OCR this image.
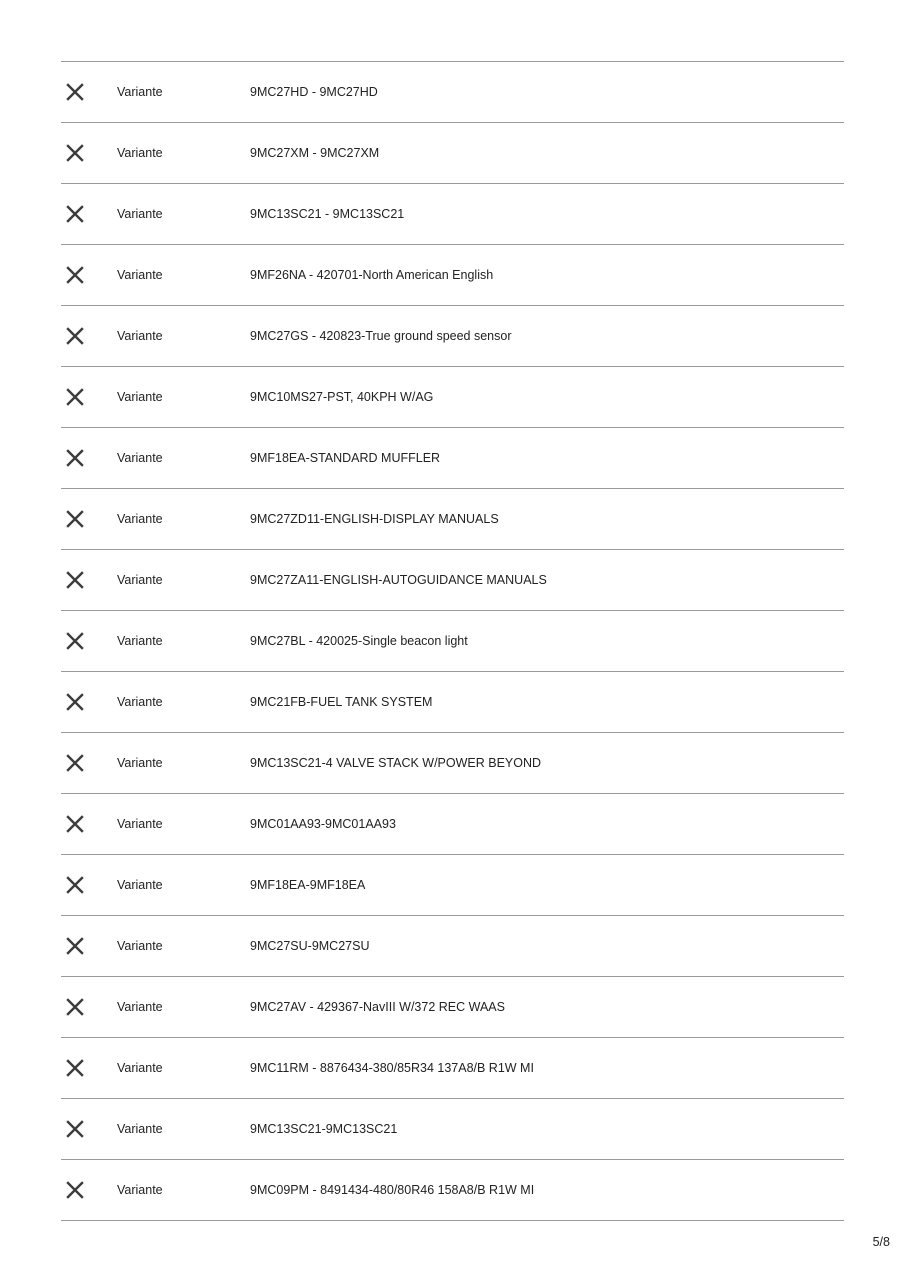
Variante	9MC27HD - 9MC27HD
Variante	9MC27XM - 9MC27XM
Variante	9MC13SC21 - 9MC13SC21
Variante	9MF26NA - 420701-North American English
Variante	9MC27GS - 420823-True ground speed sensor
Variante	9MC10MS27-PST, 40KPH W/AG
Variante	9MF18EA-STANDARD MUFFLER
Variante	9MC27ZD11-ENGLISH-DISPLAY MANUALS
Variante	9MC27ZA11-ENGLISH-AUTOGUIDANCE MANUALS
Variante	9MC27BL - 420025-Single beacon light
Variante	9MC21FB-FUEL TANK SYSTEM
Variante	9MC13SC21-4 VALVE STACK W/POWER BEYOND
Variante	9MC01AA93-9MC01AA93
Variante	9MF18EA-9MF18EA
Variante	9MC27SU-9MC27SU
Variante	9MC27AV - 429367-NavIII W/372 REC WAAS
Variante	9MC11RM - 8876434-380/85R34 137A8/B R1W MI
Variante	9MC13SC21-9MC13SC21
Variante	9MC09PM - 8491434-480/80R46 158A8/B R1W MI
5/8
